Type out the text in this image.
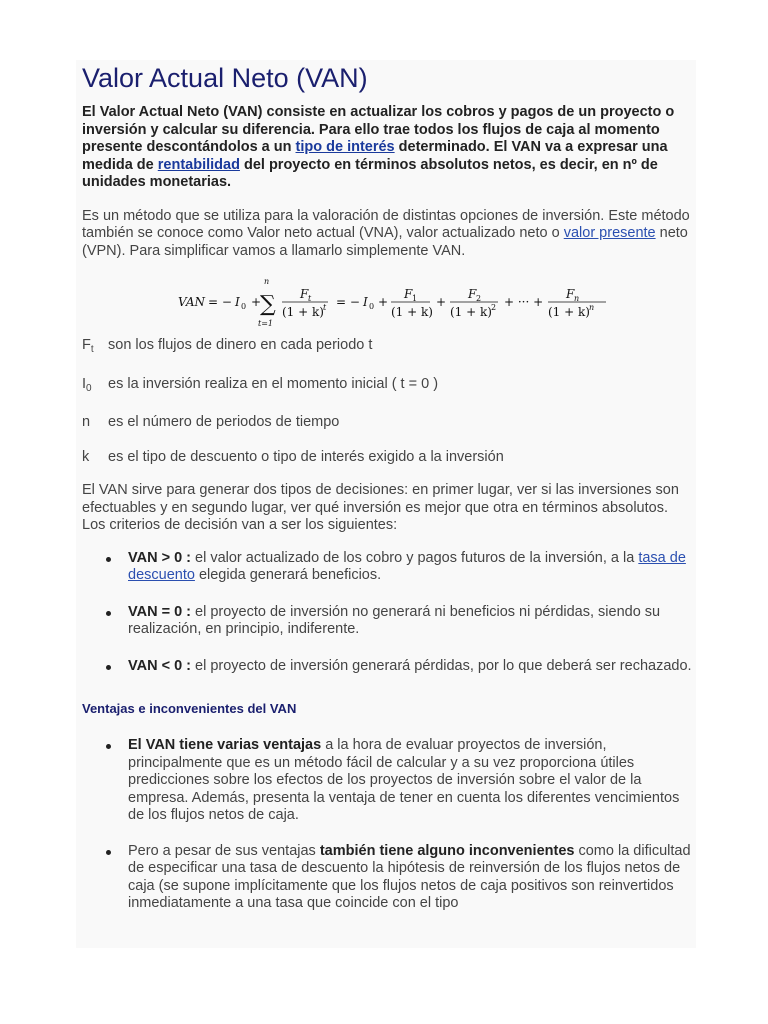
Valor Actual Neto (VAN)

El Valor Actual Neto (VAN) consiste en actualizar los cobros y pagos de un proyecto o inversión y calcular su diferencia. Para ello trae todos los flujos de caja al momento presente descontándolos a un tipo de interés determinado. El VAN va a expresar una medida de rentabilidad del proyecto en términos absolutos netos, es decir, en nº de unidades monetarias.

Es un método que se utiliza para la valoración de distintas opciones de inversión. Este método también se conoce como Valor neto actual (VNA), valor actualizado neto o valor presente neto (VPN). Para simplificar vamos a llamarlo simplemente VAN.

VAN = − I 0 +
n
∑
t=1
F t
(1 + k) t = − I 0 +
F 1
(1 + k)
+
F 2
(1 + k) 2 + ··· +
F n
(1 + k) n

$F_t$ son los flujos de dinero en cada periodo t

$I_0$ es la inversión realiza en el momento inicial ( t = 0 )

n es el número de periodos de tiempo

k es el tipo de descuento o tipo de interés exigido a la inversión

El VAN sirve para generar dos tipos de decisiones: en primer lugar, ver si las inversiones son efectuables y en segundo lugar, ver qué inversión es mejor que otra en términos absolutos. Los criterios de decisión van a ser los siguientes:

VAN > 0 : el valor actualizado de los cobro y pagos futuros de la inversión, a la tasa de descuento elegida generará beneficios.
VAN = 0 : el proyecto de inversión no generará ni beneficios ni pérdidas, siendo su realización, en principio, indiferente.
VAN < 0 : el proyecto de inversión generará pérdidas, por lo que deberá ser rechazado.
Ventajas e inconvenientes del VAN
El VAN tiene varias ventajas a la hora de evaluar proyectos de inversión, principalmente que es un método fácil de calcular y a su vez proporciona útiles predicciones sobre los efectos de los proyectos de inversión sobre el valor de la empresa. Además, presenta la ventaja de tener en cuenta los diferentes vencimientos de los flujos netos de caja.
Pero a pesar de sus ventajas también tiene alguno inconvenientes como la dificultad de especificar una tasa de descuento la hipótesis de reinversión de los flujos netos de caja (se supone implícitamente que los flujos netos de caja positivos son reinvertidos inmediatamente a una tasa que coincide con el tipo
